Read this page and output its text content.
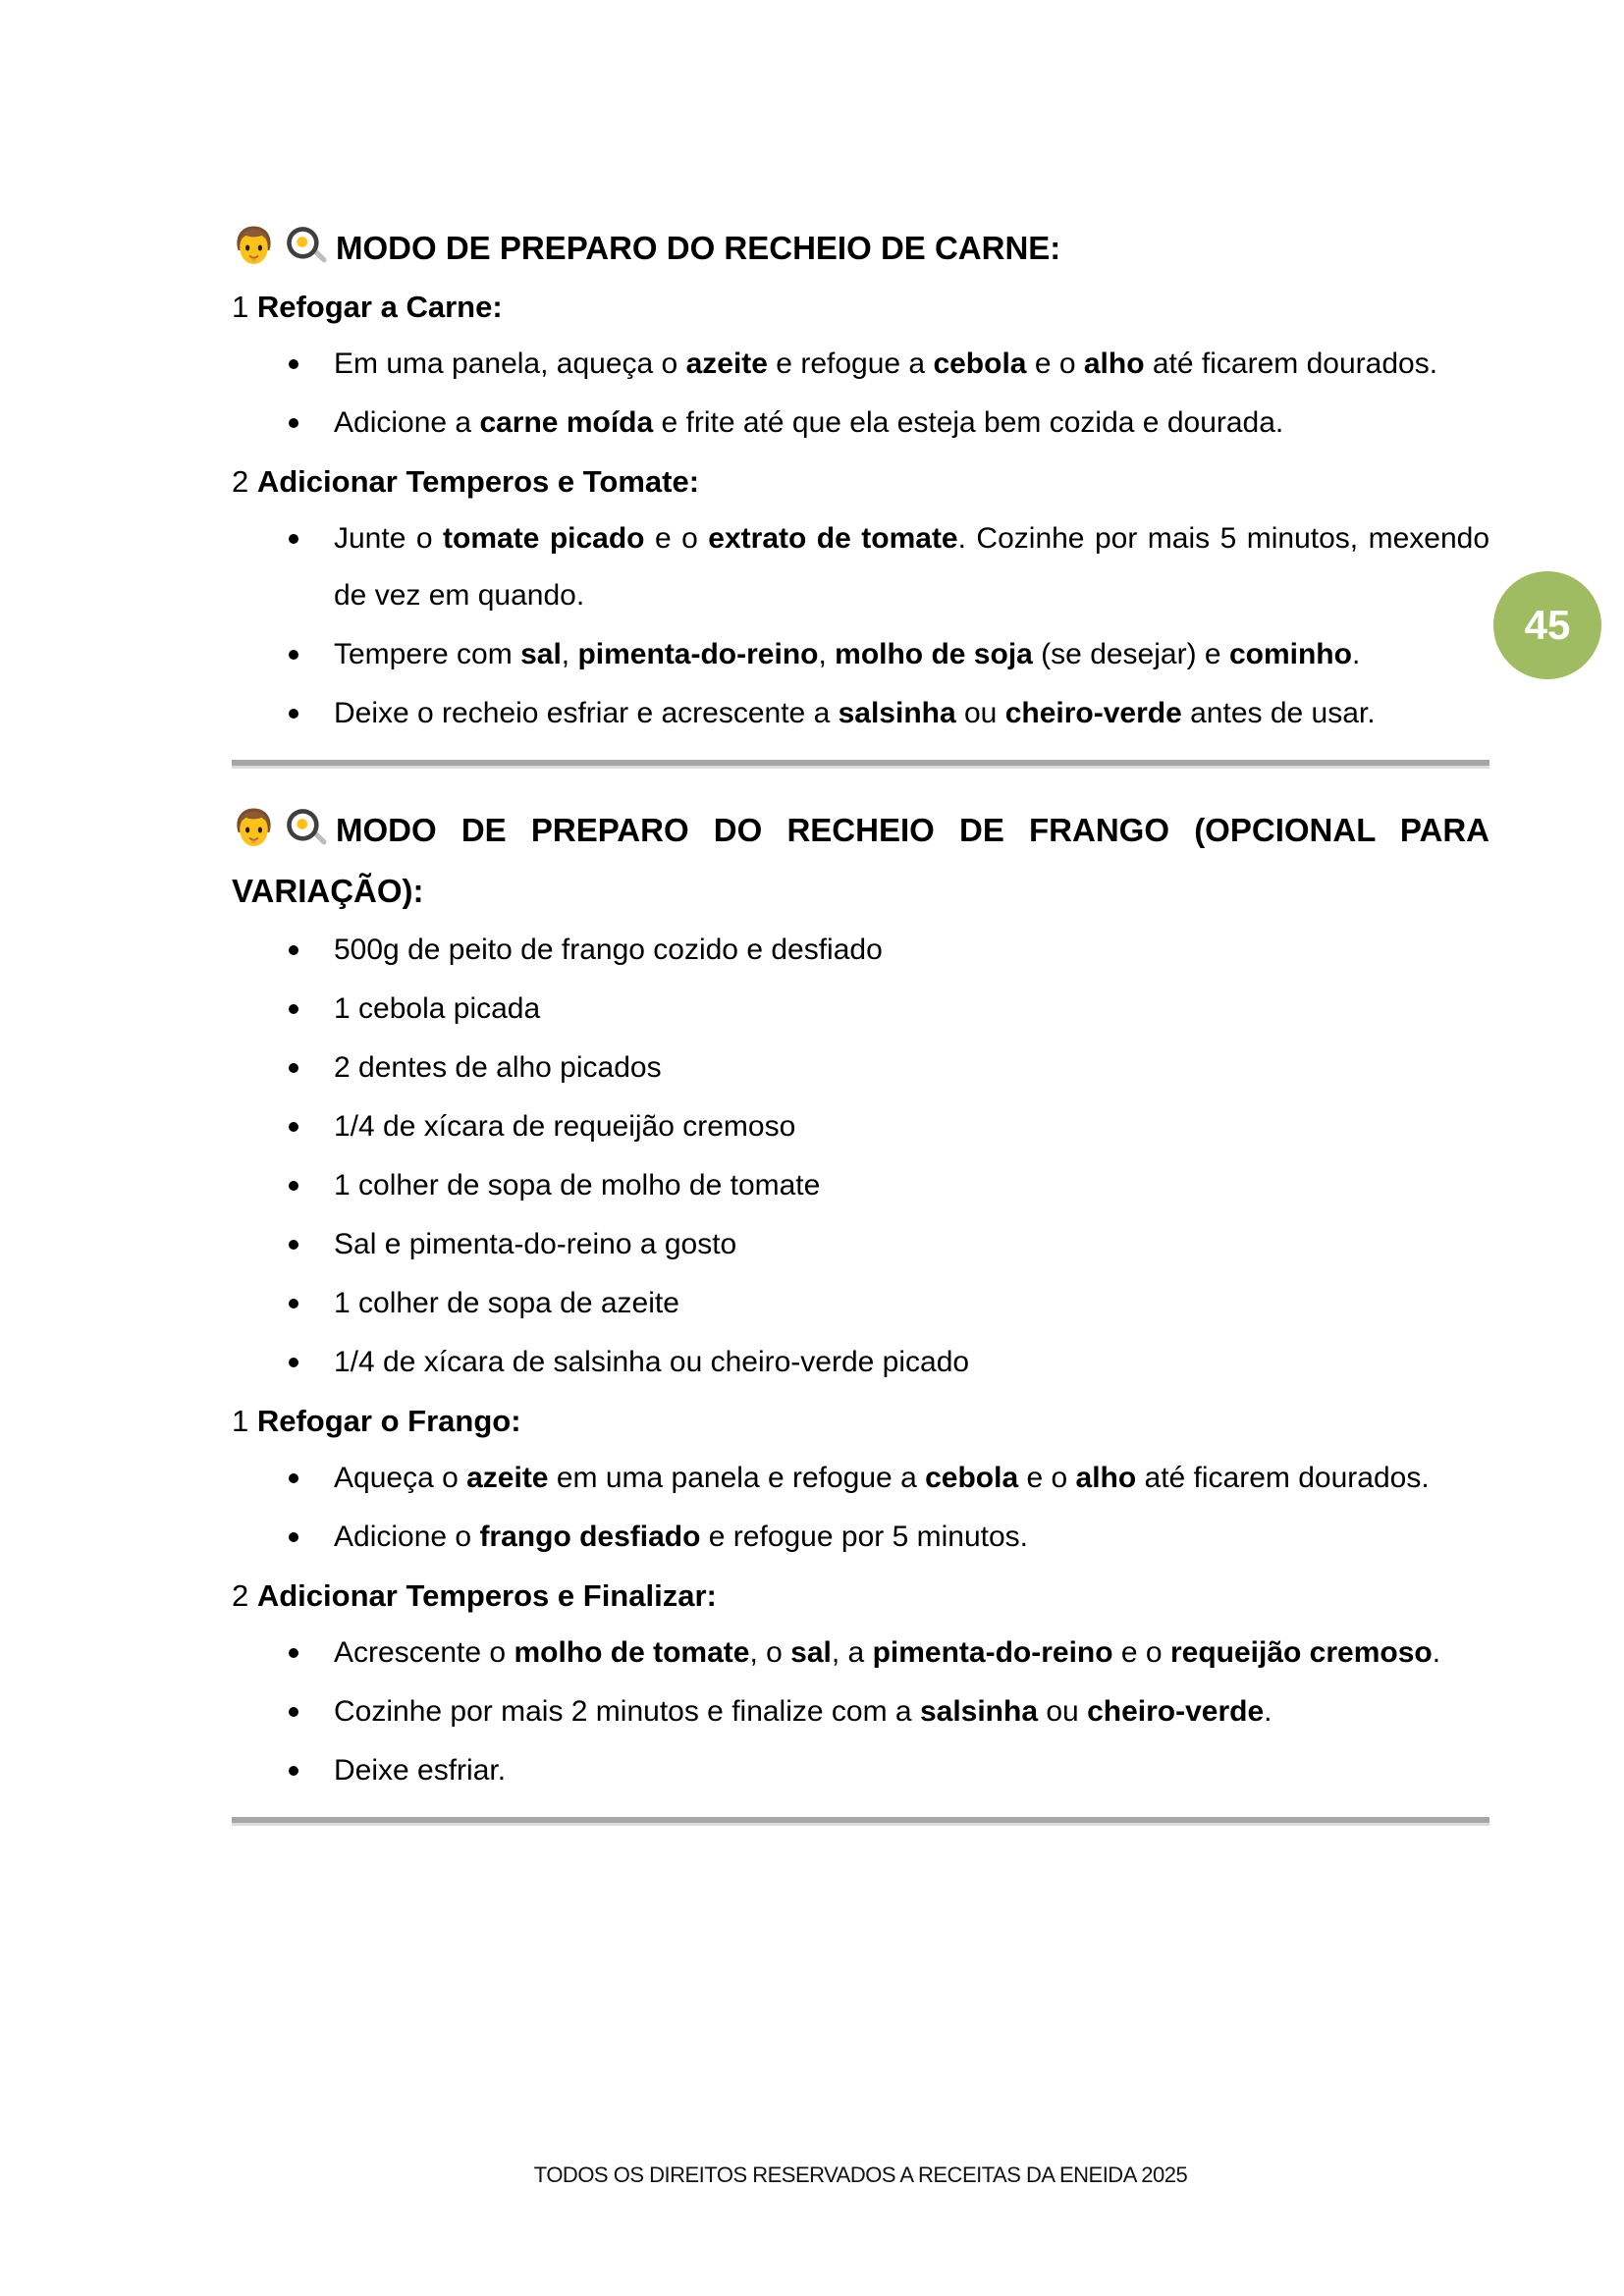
MODO DE PREPARO DO RECHEIO DE CARNE:
1 Refogar a Carne:
Em uma panela, aqueça o azeite e refogue a cebola e o alho até ficarem dourados.
Adicione a carne moída e frite até que ela esteja bem cozida e dourada.
2 Adicionar Temperos e Tomate:
Junte o tomate picado e o extrato de tomate. Cozinhe por mais 5 minutos, mexendo de vez em quando.
Tempere com sal, pimenta-do-reino, molho de soja (se desejar) e cominho.
Deixe o recheio esfriar e acrescente a salsinha ou cheiro-verde antes de usar.
MODO DE PREPARO DO RECHEIO DE FRANGO (OPCIONAL PARA VARIAÇÃO):
500g de peito de frango cozido e desfiado
1 cebola picada
2 dentes de alho picados
1/4 de xícara de requeijão cremoso
1 colher de sopa de molho de tomate
Sal e pimenta-do-reino a gosto
1 colher de sopa de azeite
1/4 de xícara de salsinha ou cheiro-verde picado
1 Refogar o Frango:
Aqueça o azeite em uma panela e refogue a cebola e o alho até ficarem dourados.
Adicione o frango desfiado e refogue por 5 minutos.
2 Adicionar Temperos e Finalizar:
Acrescente o molho de tomate, o sal, a pimenta-do-reino e o requeijão cremoso.
Cozinhe por mais 2 minutos e finalize com a salsinha ou cheiro-verde.
Deixe esfriar.
45
TODOS OS DIREITOS RESERVADOS A RECEITAS DA ENEIDA 2025
